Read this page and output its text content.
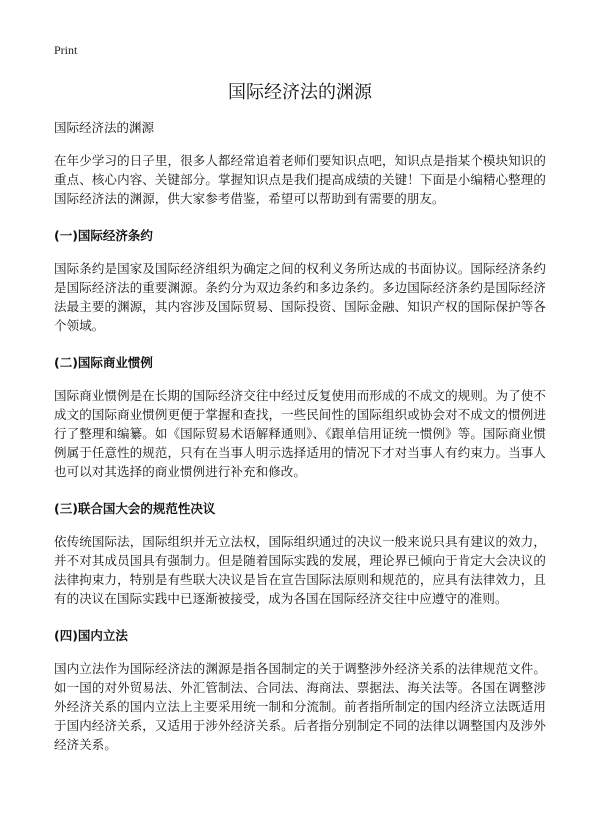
Print
国际经济法的渊源
国际经济法的渊源

在年少学习的日子里，很多人都经常追着老师们要知识点吧，知识点是指某个模块知识的重点、核心内容、关键部分。掌握知识点是我们提高成绩的关键！下面是小编精心整理的国际经济法的渊源，供大家参考借鉴，希望可以帮助到有需要的朋友。

(一)国际经济条约

国际条约是国家及国际经济组织为确定之间的权利义务所达成的书面协议。国际经济条约是国际经济法的重要渊源。条约分为双边条约和多边条约。多边国际经济条约是国际经济法最主要的渊源，其内容涉及国际贸易、国际投资、国际金融、知识产权的国际保护等各个领域。

(二)国际商业惯例

国际商业惯例是在长期的国际经济交往中经过反复使用而形成的不成文的规则。为了使不成文的国际商业惯例更便于掌握和查找，一些民间性的国际组织或协会对不成文的惯例进行了整理和编纂。如《国际贸易术语解释通则》、《跟单信用证统一惯例》等。国际商业惯例属于任意性的规范，只有在当事人明示选择适用的情况下才对当事人有约束力。当事人也可以对其选择的商业惯例进行补充和修改。

(三)联合国大会的规范性决议

依传统国际法，国际组织并无立法权，国际组织通过的决议一般来说只具有建议的效力，并不对其成员国具有强制力。但是随着国际实践的发展，理论界已倾向于肯定大会决议的法律拘束力，特别是有些联大决议是旨在宣告国际法原则和规范的，应具有法律效力，且有的决议在国际实践中已逐渐被接受，成为各国在国际经济交往中应遵守的准则。

(四)国内立法

国内立法作为国际经济法的渊源是指各国制定的关于调整涉外经济关系的法律规范文件。如一国的对外贸易法、外汇管制法、合同法、海商法、票据法、海关法等。各国在调整涉外经济关系的国内立法上主要采用统一制和分流制。前者指所制定的国内经济立法既适用于国内经济关系，又适用于涉外经济关系。后者指分别制定不同的法律以调整国内及涉外经济关系。
